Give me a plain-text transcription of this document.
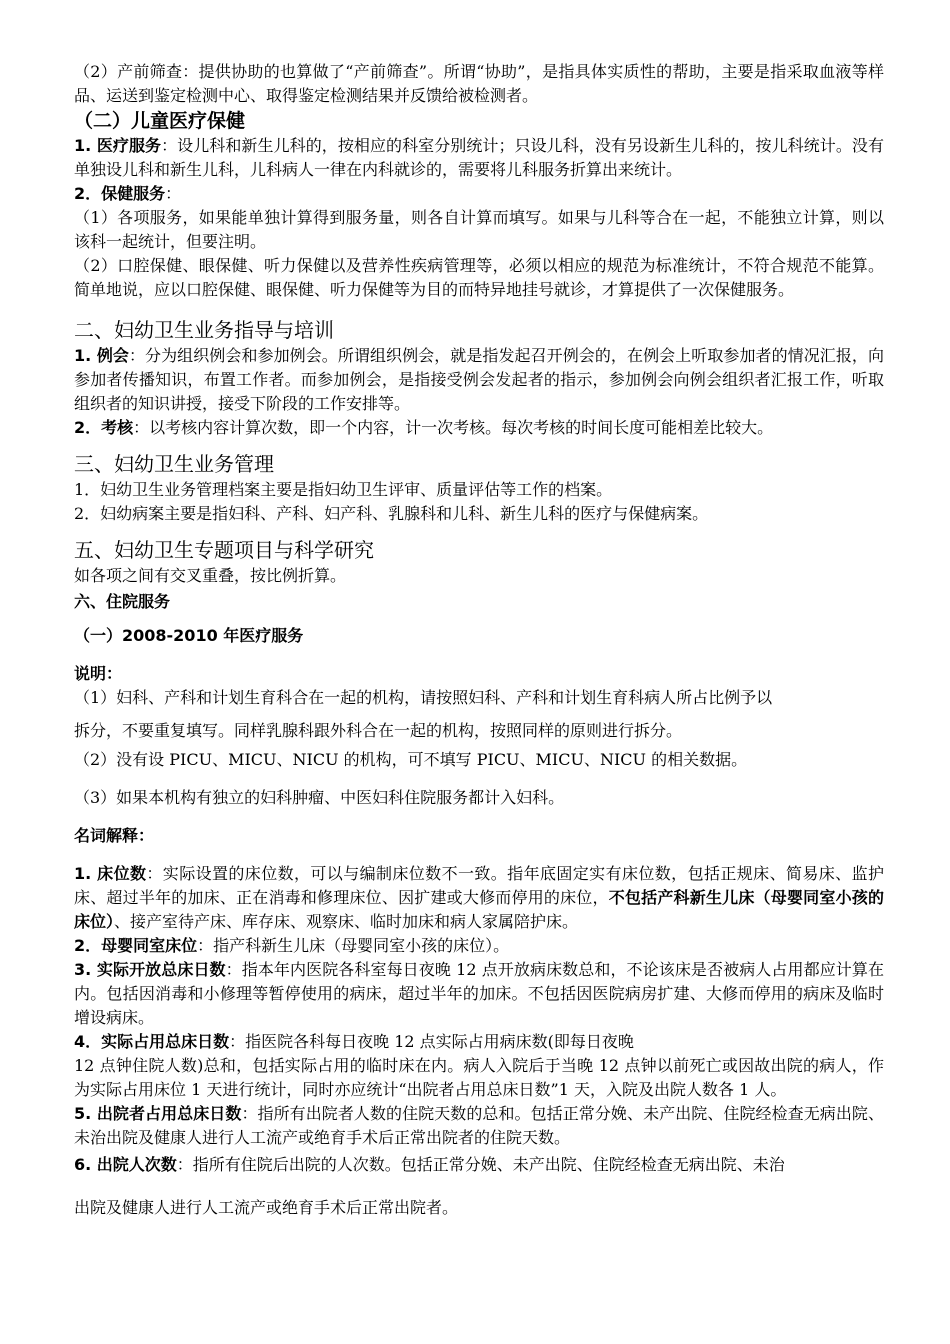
（2）产前筛查：提供协助的也算做了“产前筛查”。所谓“协助”，是指具体实质性的帮助，主要是指采取血液等样品、运送到鉴定检测中心、取得鉴定检测结果并反馈给被检测者。

（二）儿童医疗保健

1. 医疗服务：设儿科和新生儿科的，按相应的科室分别统计；只设儿科，没有另设新生儿科的，按儿科统计。没有单独设儿科和新生儿科，儿科病人一律在内科就诊的，需要将儿科服务折算出来统计。

2．保健服务：

（1）各项服务，如果能单独计算得到服务量，则各自计算而填写。如果与儿科等合在一起，不能独立计算，则以该科一起统计，但要注明。

（2）口腔保健、眼保健、听力保健以及营养性疾病管理等，必须以相应的规范为标准统计，不符合规范不能算。简单地说，应以口腔保健、眼保健、听力保健等为目的而特异地挂号就诊，才算提供了一次保健服务。

二、妇幼卫生业务指导与培训

1. 例会：分为组织例会和参加例会。所谓组织例会，就是指发起召开例会的，在例会上听取参加者的情况汇报，向参加者传播知识，布置工作者。而参加例会，是指接受例会发起者的指示，参加例会向例会组织者汇报工作，听取组织者的知识讲授，接受下阶段的工作安排等。

2．考核：以考核内容计算次数，即一个内容，计一次考核。每次考核的时间长度可能相差比较大。

三、妇幼卫生业务管理

1．妇幼卫生业务管理档案主要是指妇幼卫生评审、质量评估等工作的档案。

2．妇幼病案主要是指妇科、产科、妇产科、乳腺科和儿科、新生儿科的医疗与保健病案。

五、妇幼卫生专题项目与科学研究

如各项之间有交叉重叠，按比例折算。

六、住院服务

（一）2008-2010 年医疗服务

说明：

（1）妇科、产科和计划生育科合在一起的机构，请按照妇科、产科和计划生育科病人所占比例予以

拆分，不要重复填写。同样乳腺科跟外科合在一起的机构，按照同样的原则进行拆分。

（2）没有设 PICU、MICU、NICU 的机构，可不填写 PICU、MICU、NICU 的相关数据。

（3）如果本机构有独立的妇科肿瘤、中医妇科住院服务都计入妇科。

名词解释：

1. 床位数：实际设置的床位数，可以与编制床位数不一致。指年底固定实有床位数，包括正规床、简易床、监护床、超过半年的加床、正在消毒和修理床位、因扩建或大修而停用的床位，不包括产科新生儿床（母婴同室小孩的床位）、接产室待产床、库存床、观察床、临时加床和病人家属陪护床。

2．母婴同室床位：指产科新生儿床（母婴同室小孩的床位）。

3. 实际开放总床日数：指本年内医院各科室每日夜晚 12 点开放病床数总和，不论该床是否被病人占用都应计算在内。包括因消毒和小修理等暂停使用的病床，超过半年的加床。不包括因医院病房扩建、大修而停用的病床及临时增设病床。

4．实际占用总床日数：指医院各科每日夜晚 12 点实际占用病床数(即每日夜晚

12 点钟住院人数)总和，包括实际占用的临时床在内。病人入院后于当晚 12 点钟以前死亡或因故出院的病人，作为实际占用床位 1 天进行统计，同时亦应统计“出院者占用总床日数”1 天，入院及出院人数各 1 人。

5. 出院者占用总床日数：指所有出院者人数的住院天数的总和。包括正常分娩、未产出院、住院经检查无病出院、未治出院及健康人进行人工流产或绝育手术后正常出院者的住院天数。

6. 出院人次数：指所有住院后出院的人次数。包括正常分娩、未产出院、住院经检查无病出院、未治

出院及健康人进行人工流产或绝育手术后正常出院者。
